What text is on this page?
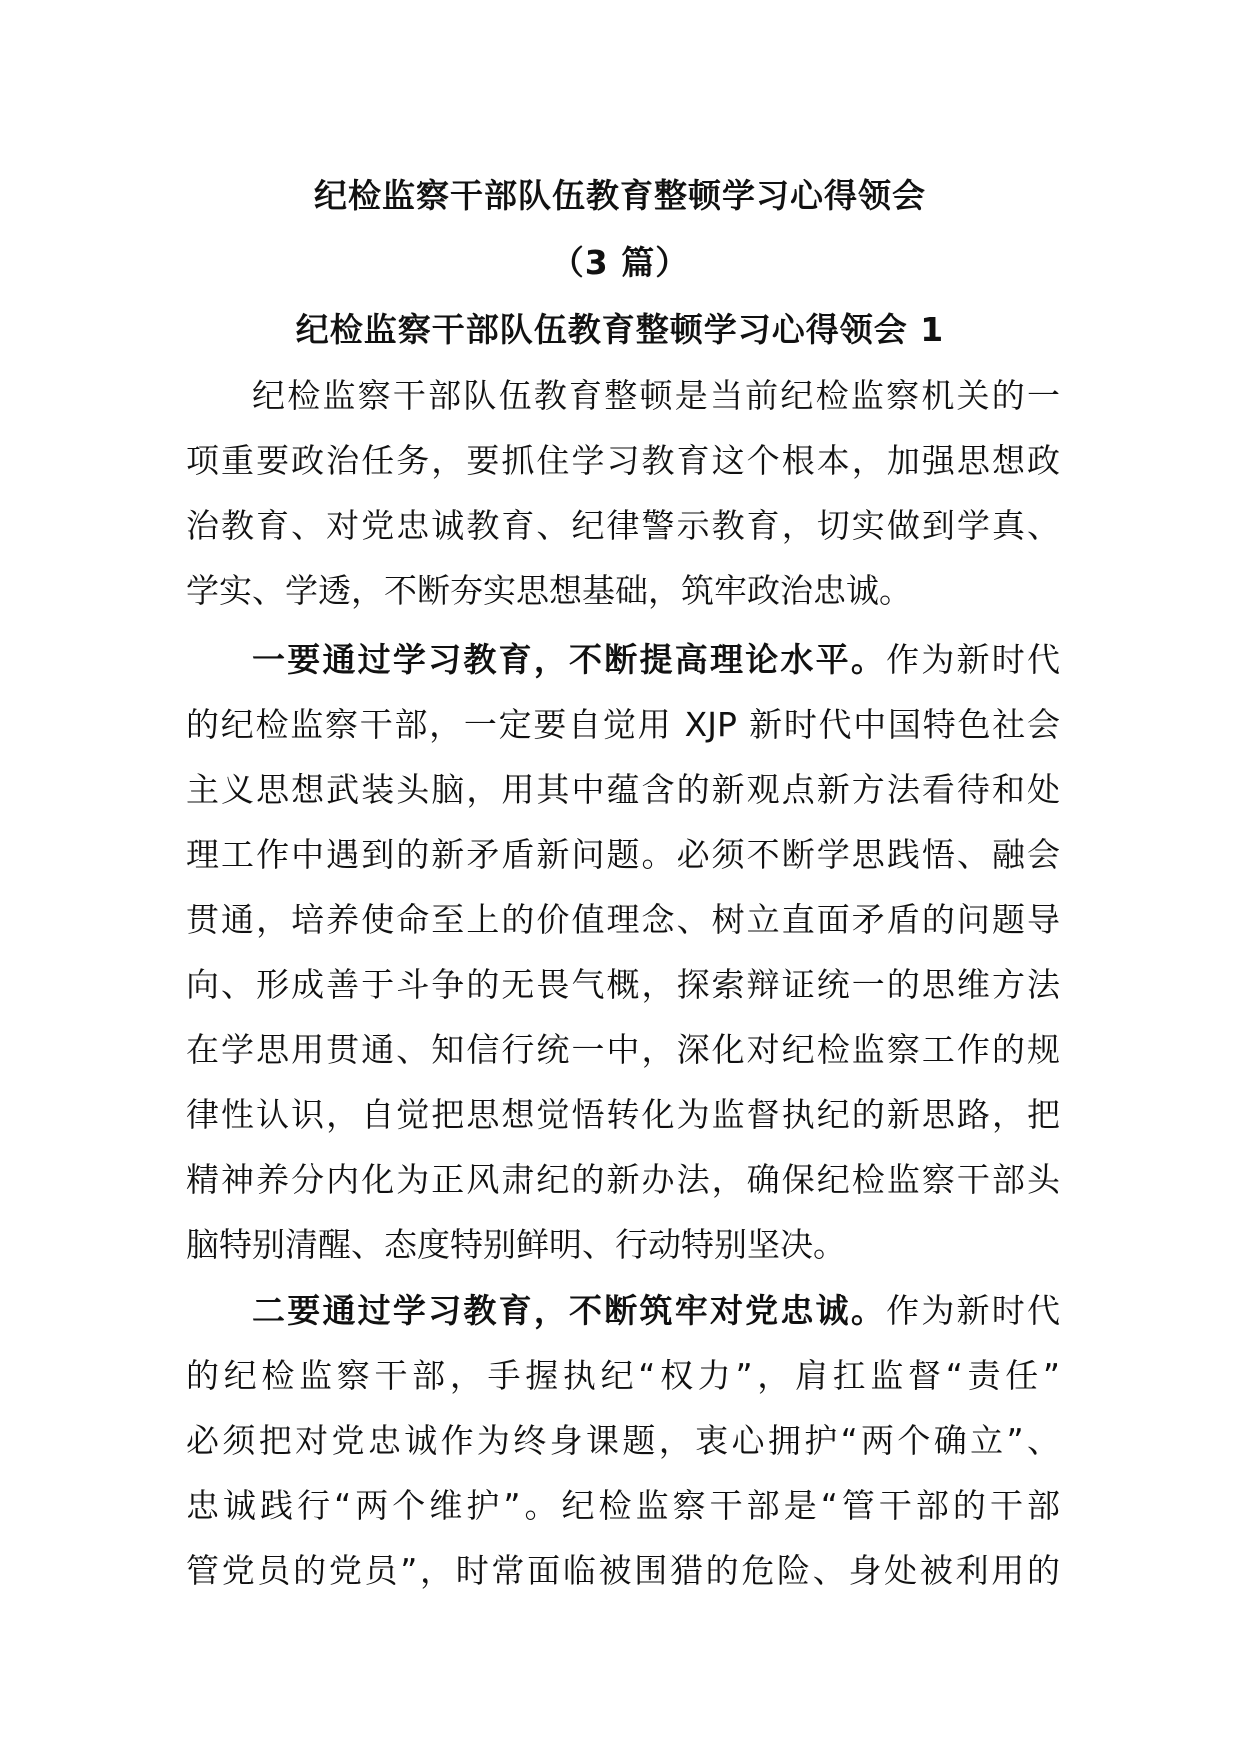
纪检监察干部队伍教育整顿学习心得领会
（3 篇）
纪检监察干部队伍教育整顿学习心得领会 1
纪检监察干部队伍教育整顿是当前纪检监察机关的一
项重要政治任务，要抓住学习教育这个根本，加强思想政
治教育、对党忠诚教育、纪律警示教育，切实做到学真、
学实、学透，不断夯实思想基础，筑牢政治忠诚。
一要通过学习教育，不断提高理论水平。作为新时代
的纪检监察干部，一定要自觉用 XJP 新时代中国特色社会
主义思想武装头脑，用其中蕴含的新观点新方法看待和处
理工作中遇到的新矛盾新问题。必须不断学思践悟、融会
贯通，培养使命至上的价值理念、树立直面矛盾的问题导
向、形成善于斗争的无畏气概，探索辩证统一的思维方法
在学思用贯通、知信行统一中，深化对纪检监察工作的规
律性认识，自觉把思想觉悟转化为监督执纪的新思路，把
精神养分内化为正风肃纪的新办法，确保纪检监察干部头
脑特别清醒、态度特别鲜明、行动特别坚决。
二要通过学习教育，不断筑牢对党忠诚。作为新时代
的纪检监察干部，手握执纪“权力”，肩扛监督“责任”
必须把对党忠诚作为终身课题，衷心拥护“两个确立”、
忠诚践行“两个维护”。纪检监察干部是“管干部的干部
管党员的党员”，时常面临被围猎的危险、身处被利用的
